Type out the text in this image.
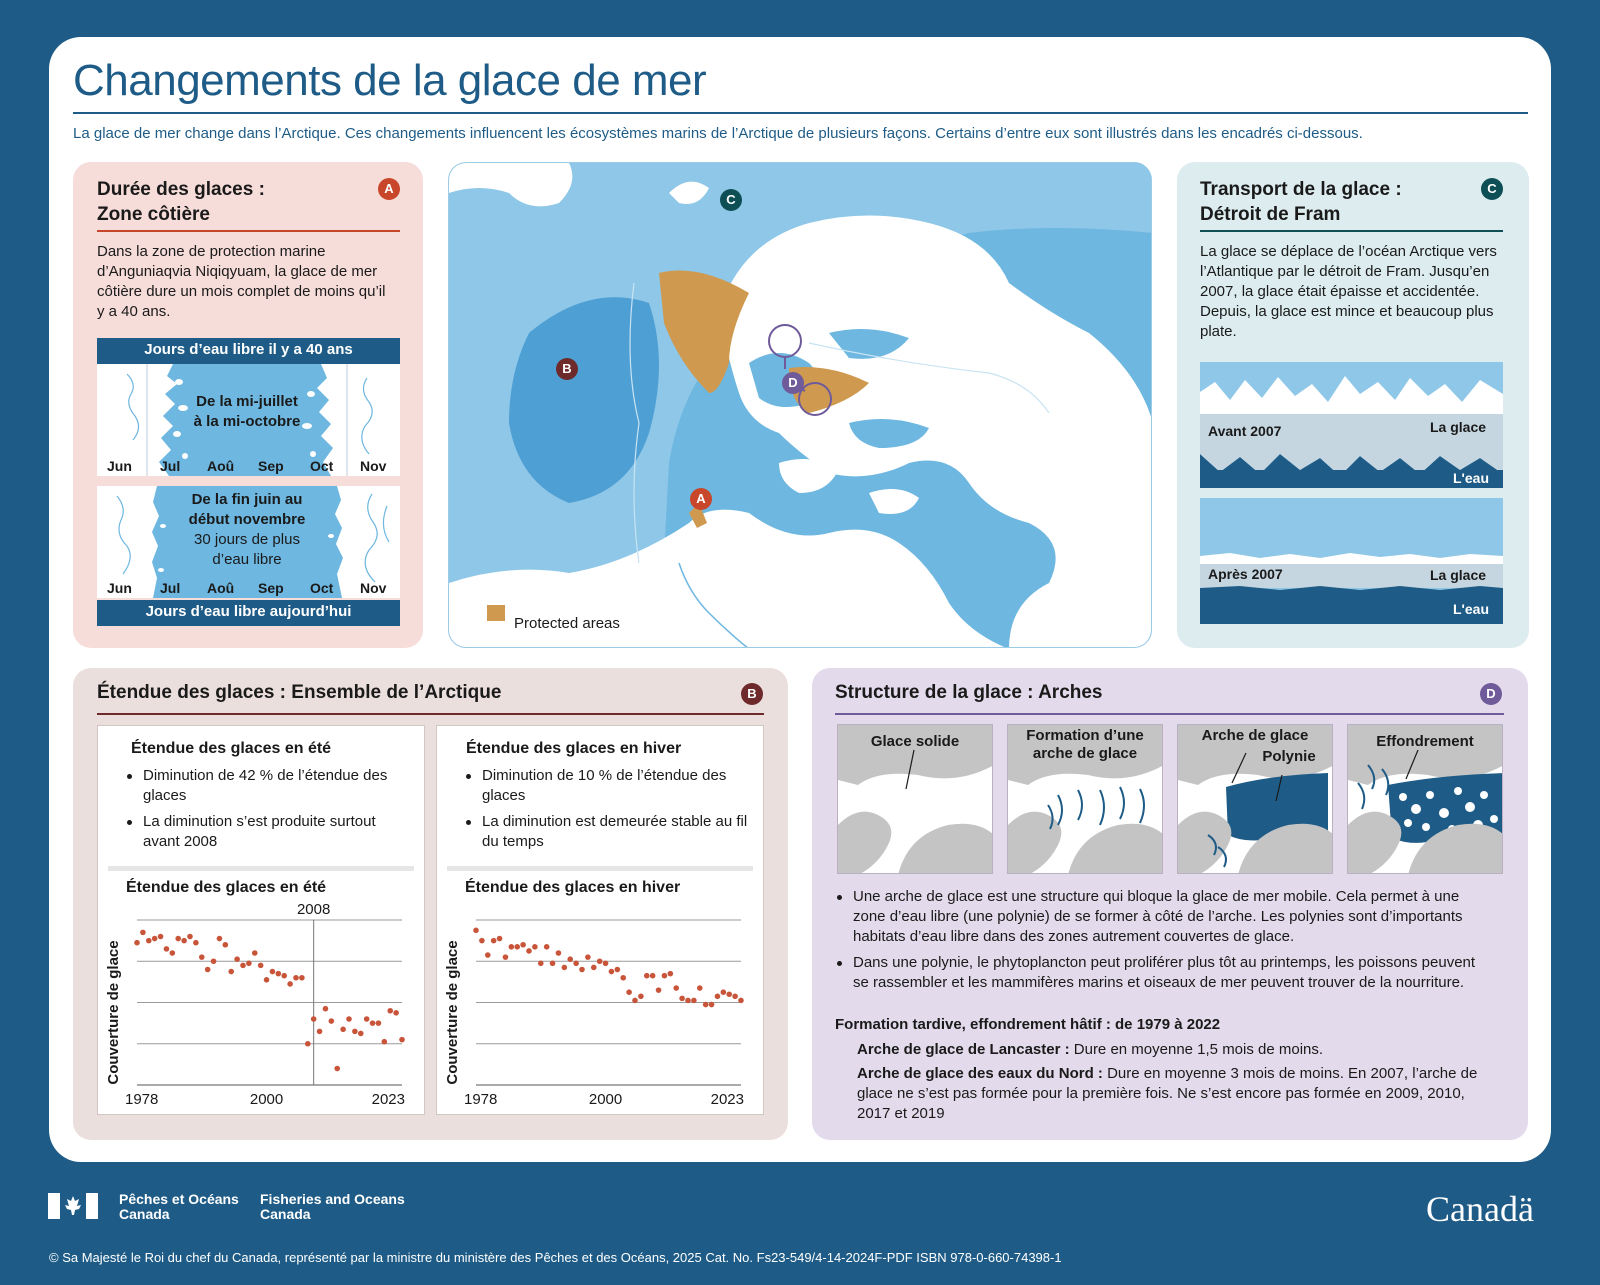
Changements de la glace de mer
La glace de mer change dans l’Arctique. Ces changements influencent les écosystèmes marins de l’Arctique de plusieurs façons. Certains d’entre eux sont illustrés dans les encadrés ci-dessous.
Durée des glaces :
Zone côtière
A
Dans la zone de protection marine d’Anguniaqvia Niqiqyuam, la glace de mer côtière dure un mois complet de moins qu’il y a 40 ans.
Jours d’eau libre il y a 40 ans
De la mi-juillet
à la mi-octobre
Jun Jul Aoû Sep Oct Nov
De la fin juin au
début novembre
30 jours de plus
d’eau libre
Jun Jul Aoû Sep Oct Nov
Jours d’eau libre aujourd’hui
C
B
D
A
Protected areas
Transport de la glace :
Détroit de Fram
C
La glace se déplace de l’océan Arctique vers l’Atlantique par le détroit de Fram. Jusqu’en 2007, la glace était épaisse et accidentée. Depuis, la glace est mince et beaucoup plus plate.
Avant 2007	La glace
L'eau
Après 2007	La glace
L'eau
Étendue des glaces : Ensemble de l’Arctique	B
Étendue des glaces en été
Diminution de 42 % de l’étendue des glaces
La diminution s’est produite surtout avant 2008
Étendue des glaces en été
Étendue des glaces en hiver
Diminution de 10 % de l’étendue des glaces
La diminution est demeurée stable au fil du temps
Étendue des glaces en hiver
2008
1978	2000	2023
Couverture de glace
1978	2000	2023
Couverture de glace
Structure de la glace : Arches	D
Glace solide	Formation d’une
arche de glace
Arche de glace
Polynie
Effondrement
Une arche de glace est une structure qui bloque la glace de mer mobile. Cela permet à une zone d’eau libre (une polynie) de se former à côté de l’arche. Les polynies sont d’importants habitats d’eau libre dans des zones autrement couvertes de glace.
Dans une polynie, le phytoplancton peut proliférer plus tôt au printemps, les poissons peuvent se rassembler et les mammifères marins et oiseaux de mer peuvent trouver de la nourriture.
Formation tardive, effondrement hâtif : de 1979 à 2022
Arche de glace de Lancaster : Dure en moyenne 1,5 mois de moins.
Arche de glace des eaux du Nord : Dure en moyenne 3 mois de moins. En 2007, l’arche de glace ne s’est pas formée pour la première fois. Ne s’est encore pas formée en 2009, 2010, 2017 et 2019
Pêches et Océans
Canada
Fisheries and Oceans
Canada	Canadä
© Sa Majesté le Roi du chef du Canada, représenté par la ministre du ministère des Pêches et des Océans, 2025 Cat. No. Fs23-549/4-14-2024F-PDF ISBN 978-0-660-74398-1
